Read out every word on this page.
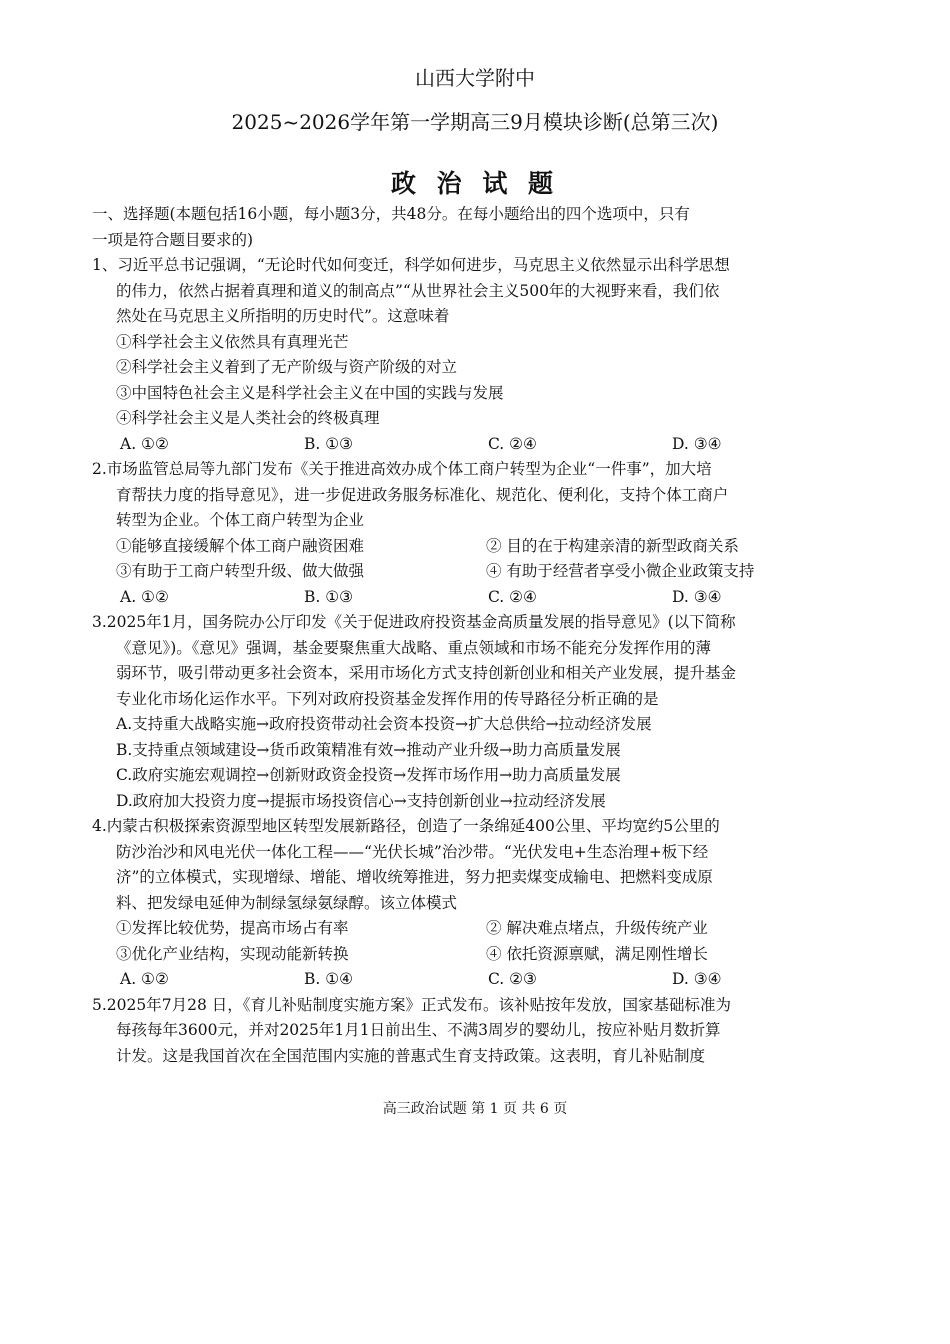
山西大学附中
2025~2026学年第一学期高三9月模块诊断(总第三次)
政 治 试 题
一、选择题(本题包括16小题，每小题3分，共48分。在每小题给出的四个选项中，只有
一项是符合题目要求的)
1、习近平总书记强调，“无论时代如何变迁，科学如何进步，马克思主义依然显示出科学思想
的伟力，依然占据着真理和道义的制高点”“从世界社会主义500年的大视野来看，我们依
然处在马克思主义所指明的历史时代”。这意味着
①科学社会主义依然具有真理光芒
②科学社会主义着到了无产阶级与资产阶级的对立
③中国特色社会主义是科学社会主义在中国的实践与发展
④科学社会主义是人类社会的终极真理
A. ①②	B. ①③	C. ②④	D. ③④
2.市场监管总局等九部门发布《关于推进高效办成个体工商户转型为企业“一件事”，加大培
育帮扶力度的指导意见》，进一步促进政务服务标准化、规范化、便利化，支持个体工商户
转型为企业。个体工商户转型为企业
①能够直接缓解个体工商户融资困难	② 目的在于构建亲清的新型政商关系
③有助于工商户转型升级、做大做强	④ 有助于经营者享受小微企业政策支持
A. ①②	B. ①③	C. ②④	D. ③④
3.2025年1月，国务院办公厅印发《关于促进政府投资基金高质量发展的指导意见》(以下简称
《意见》)。《意见》强调，基金要聚焦重大战略、重点领域和市场不能充分发挥作用的薄
弱环节，吸引带动更多社会资本，采用市场化方式支持创新创业和相关产业发展，提升基金
专业化市场化运作水平。下列对政府投资基金发挥作用的传导路径分析正确的是
A.支持重大战略实施→政府投资带动社会资本投资→扩大总供给→拉动经济发展
B.支持重点领域建设→货币政策精准有效→推动产业升级→助力高质量发展
C.政府实施宏观调控→创新财政资金投资→发挥市场作用→助力高质量发展
D.政府加大投资力度→提振市场投资信心→支持创新创业→拉动经济发展
4.内蒙古积极探索资源型地区转型发展新路径，创造了一条绵延400公里、平均宽约5公里的
防沙治沙和风电光伏一体化工程——“光伏长城”治沙带。“光伏发电+生态治理+板下经
济”的立体模式，实现增绿、增能、增收统筹推进，努力把卖煤变成输电、把燃料变成原
料、把发绿电延伸为制绿氢绿氨绿醇。该立体模式
①发挥比较优势，提高市场占有率	② 解决难点堵点，升级传统产业
③优化产业结构，实现动能新转换	④ 依托资源禀赋，满足刚性增长
A. ①②	B. ①④	C. ②③	D. ③④
5.2025年7月28 日，《育儿补贴制度实施方案》正式发布。该补贴按年发放，国家基础标准为
每孩每年3600元，并对2025年1月1日前出生、不满3周岁的婴幼儿，按应补贴月数折算
计发。这是我国首次在全国范围内实施的普惠式生育支持政策。这表明，育儿补贴制度
高三政治试题 第 1 页 共 6 页
